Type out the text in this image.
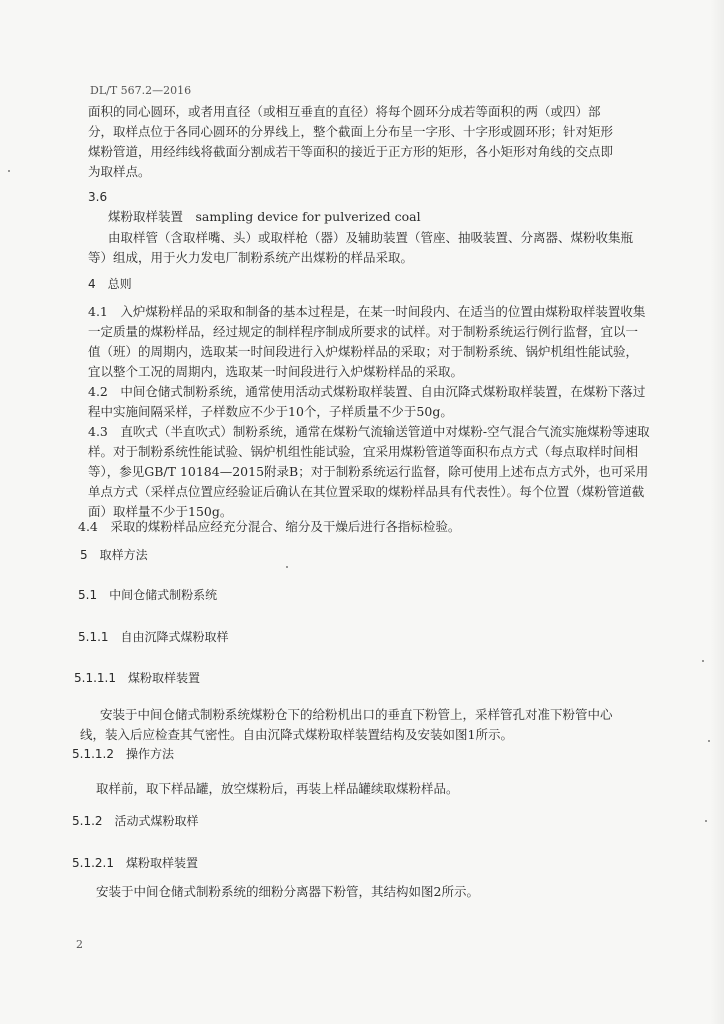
DL/T 567.2—2016
面积的同心圆环，或者用直径（或相互垂直的直径）将每个圆环分成若等面积的两（或四）部
分，取样点位于各同心圆环的分界线上，整个截面上分布呈一字形、十字形或圆环形；针对矩形
煤粉管道，用经纬线将截面分割成若干等面积的接近于正方形的矩形，各小矩形对角线的交点即
为取样点。
3.6
煤粉取样装置　sampling device for pulverized coal
由取样管（含取样嘴、头）或取样枪（器）及辅助装置（管座、抽吸装置、分离器、煤粉收集瓶
等）组成，用于火力发电厂制粉系统产出煤粉的样品采取。
4　总则
4.1　入炉煤粉样品的采取和制备的基本过程是，在某一时间段内、在适当的位置由煤粉取样装置收集
一定质量的煤粉样品，经过规定的制样程序制成所要求的试样。对于制粉系统运行例行监督，宜以一
值（班）的周期内，选取某一时间段进行入炉煤粉样品的采取；对于制粉系统、锅炉机组性能试验，
宜以整个工况的周期内，选取某一时间段进行入炉煤粉样品的采取。
4.2　中间仓储式制粉系统，通常使用活动式煤粉取样装置、自由沉降式煤粉取样装置，在煤粉下落过
程中实施间隔采样，子样数应不少于10个，子样质量不少于50g。
4.3　直吹式（半直吹式）制粉系统，通常在煤粉气流输送管道中对煤粉-空气混合气流实施煤粉等速取
样。对于制粉系统性能试验、锅炉机组性能试验，宜采用煤粉管道等面积布点方式（每点取样时间相
等），参见GB/T 10184—2015附录B；对于制粉系统运行监督，除可使用上述布点方式外，也可采用
单点方式（采样点位置应经验证后确认在其位置采取的煤粉样品具有代表性）。每个位置（煤粉管道截
面）取样量不少于150g。
4.4　采取的煤粉样品应经充分混合、缩分及干燥后进行各指标检验。
5　取样方法
5.1　中间仓储式制粉系统
5.1.1　自由沉降式煤粉取样
5.1.1.1　煤粉取样装置
安装于中间仓储式制粉系统煤粉仓下的给粉机出口的垂直下粉管上，采样管孔对准下粉管中心
线，装入后应检查其气密性。自由沉降式煤粉取样装置结构及安装如图1所示。
5.1.1.2　操作方法
取样前，取下样品罐，放空煤粉后，再装上样品罐续取煤粉样品。
5.1.2　活动式煤粉取样
5.1.2.1　煤粉取样装置
安装于中间仓储式制粉系统的细粉分离器下粉管，其结构如图2所示。
2
